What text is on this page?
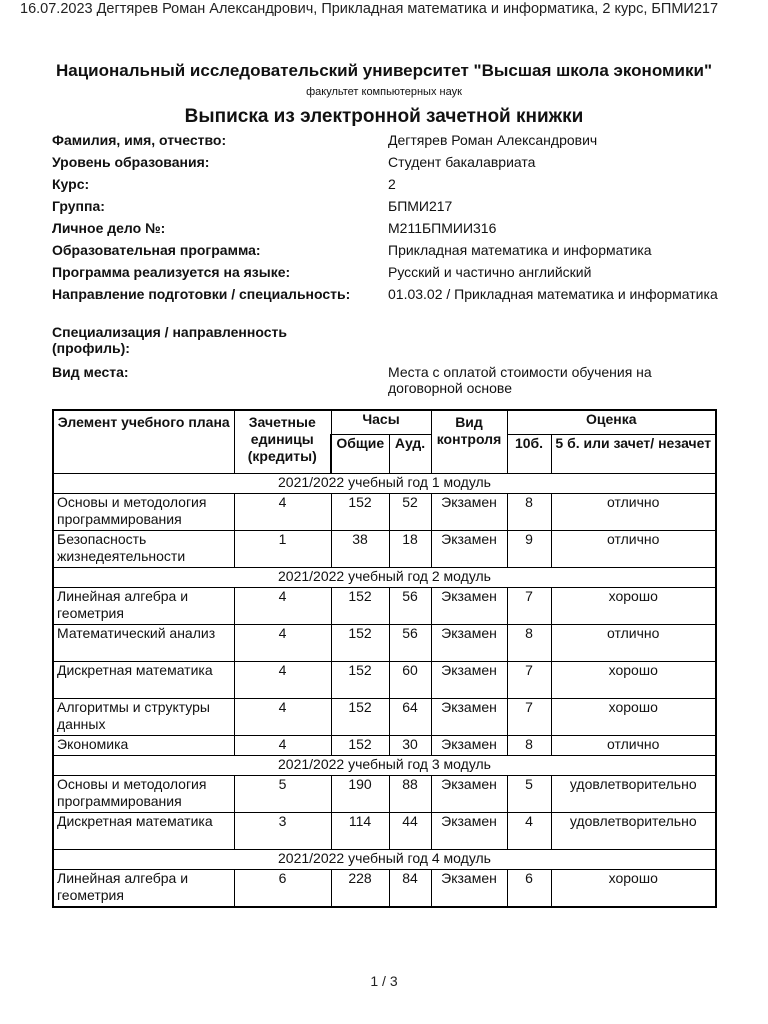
16.07.2023 Дегтярев Роман Александрович, Прикладная математика и информатика, 2 курс, БПМИ217
Национальный исследовательский университет "Высшая школа экономики"
факультет компьютерных наук
Выписка из электронной зачетной книжки
Фамилия, имя, отчество:	Дегтярев Роман Александрович
Уровень образования:	Студент бакалавриата
Курс:	2
Группа:	БПМИ217
Личное дело №:	М211БПМИИ316
Образовательная программа:	Прикладная математика и информатика
Программа реализуется на языке:	Русский и частично английский
Направление подготовки / специальность:	01.03.02 / Прикладная математика и информатика
Специализация / направленность (профиль):
Вид места:	Места с оплатой стоимости обучения на договорной основе
Элемент учебного плана	Зачетные единицы (кредиты)	Часы		Вид контроля	Оценка	
		Общие	Ауд.		10б.	5 б. или зачет/ незачет
2021/2022 учебный год 1 модуль						
Основы и методология программирования	4	152	52	Экзамен	8	отлично
Безопасность жизнедеятельности	1	38	18	Экзамен	9	отлично
2021/2022 учебный год 2 модуль						
Линейная алгебра и геометрия	4	152	56	Экзамен	7	хорошо
Математический анализ	4	152	56	Экзамен	8	отлично
Дискретная математика	4	152	60	Экзамен	7	хорошо
Алгоритмы и структуры данных	4	152	64	Экзамен	7	хорошо
Экономика	4	152	30	Экзамен	8	отлично
2021/2022 учебный год 3 модуль						
Основы и методология программирования	5	190	88	Экзамен	5	удовлетворительно
Дискретная математика	3	114	44	Экзамен	4	удовлетворительно
2021/2022 учебный год 4 модуль						
Линейная алгебра и геометрия	6	228	84	Экзамен	6	хорошо
1 / 3
